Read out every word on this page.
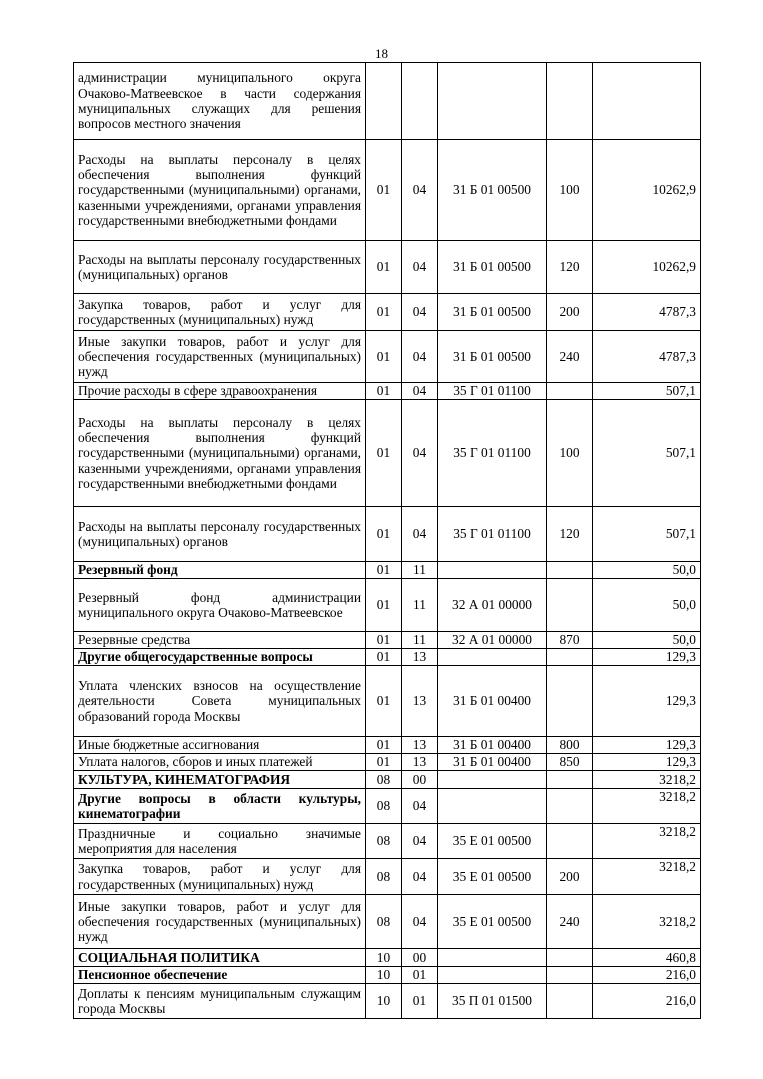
18
администрации муниципального округа Очаково-Матвеевское в части содержания муниципальных служащих для решения вопросов местного значения					
Расходы на выплаты персоналу в целях обеспечения выполнения функций государственными (муниципальными) органами, казенными учреждениями, органами управления государственными внебюджетными фондами	01	04	31 Б 01 00500	100	10262,9
Расходы на выплаты персоналу государственных (муниципальных) органов	01	04	31 Б 01 00500	120	10262,9
Закупка товаров, работ и услуг для государственных (муниципальных) нужд	01	04	31 Б 01 00500	200	4787,3
Иные закупки товаров, работ и услуг для обеспечения государственных (муниципальных) нужд	01	04	31 Б 01 00500	240	4787,3
Прочие расходы в сфере здравоохранения	01	04	35 Г 01 01100		507,1
Расходы на выплаты персоналу в целях обеспечения выполнения функций государственными (муниципальными) органами, казенными учреждениями, органами управления государственными внебюджетными фондами	01	04	35 Г 01 01100	100	507,1
Расходы на выплаты персоналу государственных (муниципальных) органов	01	04	35 Г 01 01100	120	507,1
Резервный фонд	01	11			50,0
Резервный фонд администрации муниципального округа Очаково-Матвеевское	01	11	32 А 01 00000		50,0
Резервные средства	01	11	32 А 01 00000	870	50,0
Другие общегосударственные вопросы	01	13			129,3
Уплата членских взносов на осуществление деятельности Совета муниципальных образований города Москвы	01	13	31 Б 01 00400		129,3
Иные бюджетные ассигнования	01	13	31 Б 01 00400	800	129,3
Уплата налогов, сборов и иных платежей	01	13	31 Б 01 00400	850	129,3
КУЛЬТУРА, КИНЕМАТОГРАФИЯ	08	00			3218,2
Другие вопросы в области культуры, кинематографии	08	04			3218,2
Праздничные и социально значимые мероприятия для населения	08	04	35 Е 01 00500		3218,2
Закупка товаров, работ и услуг для государственных (муниципальных) нужд	08	04	35 Е 01 00500	200	3218,2
Иные закупки товаров, работ и услуг для обеспечения государственных (муниципальных) нужд	08	04	35 Е 01 00500	240	3218,2
СОЦИАЛЬНАЯ ПОЛИТИКА	10	00			460,8
Пенсионное обеспечение	10	01			216,0
Доплаты к пенсиям муниципальным служащим города Москвы	10	01	35 П 01 01500		216,0
